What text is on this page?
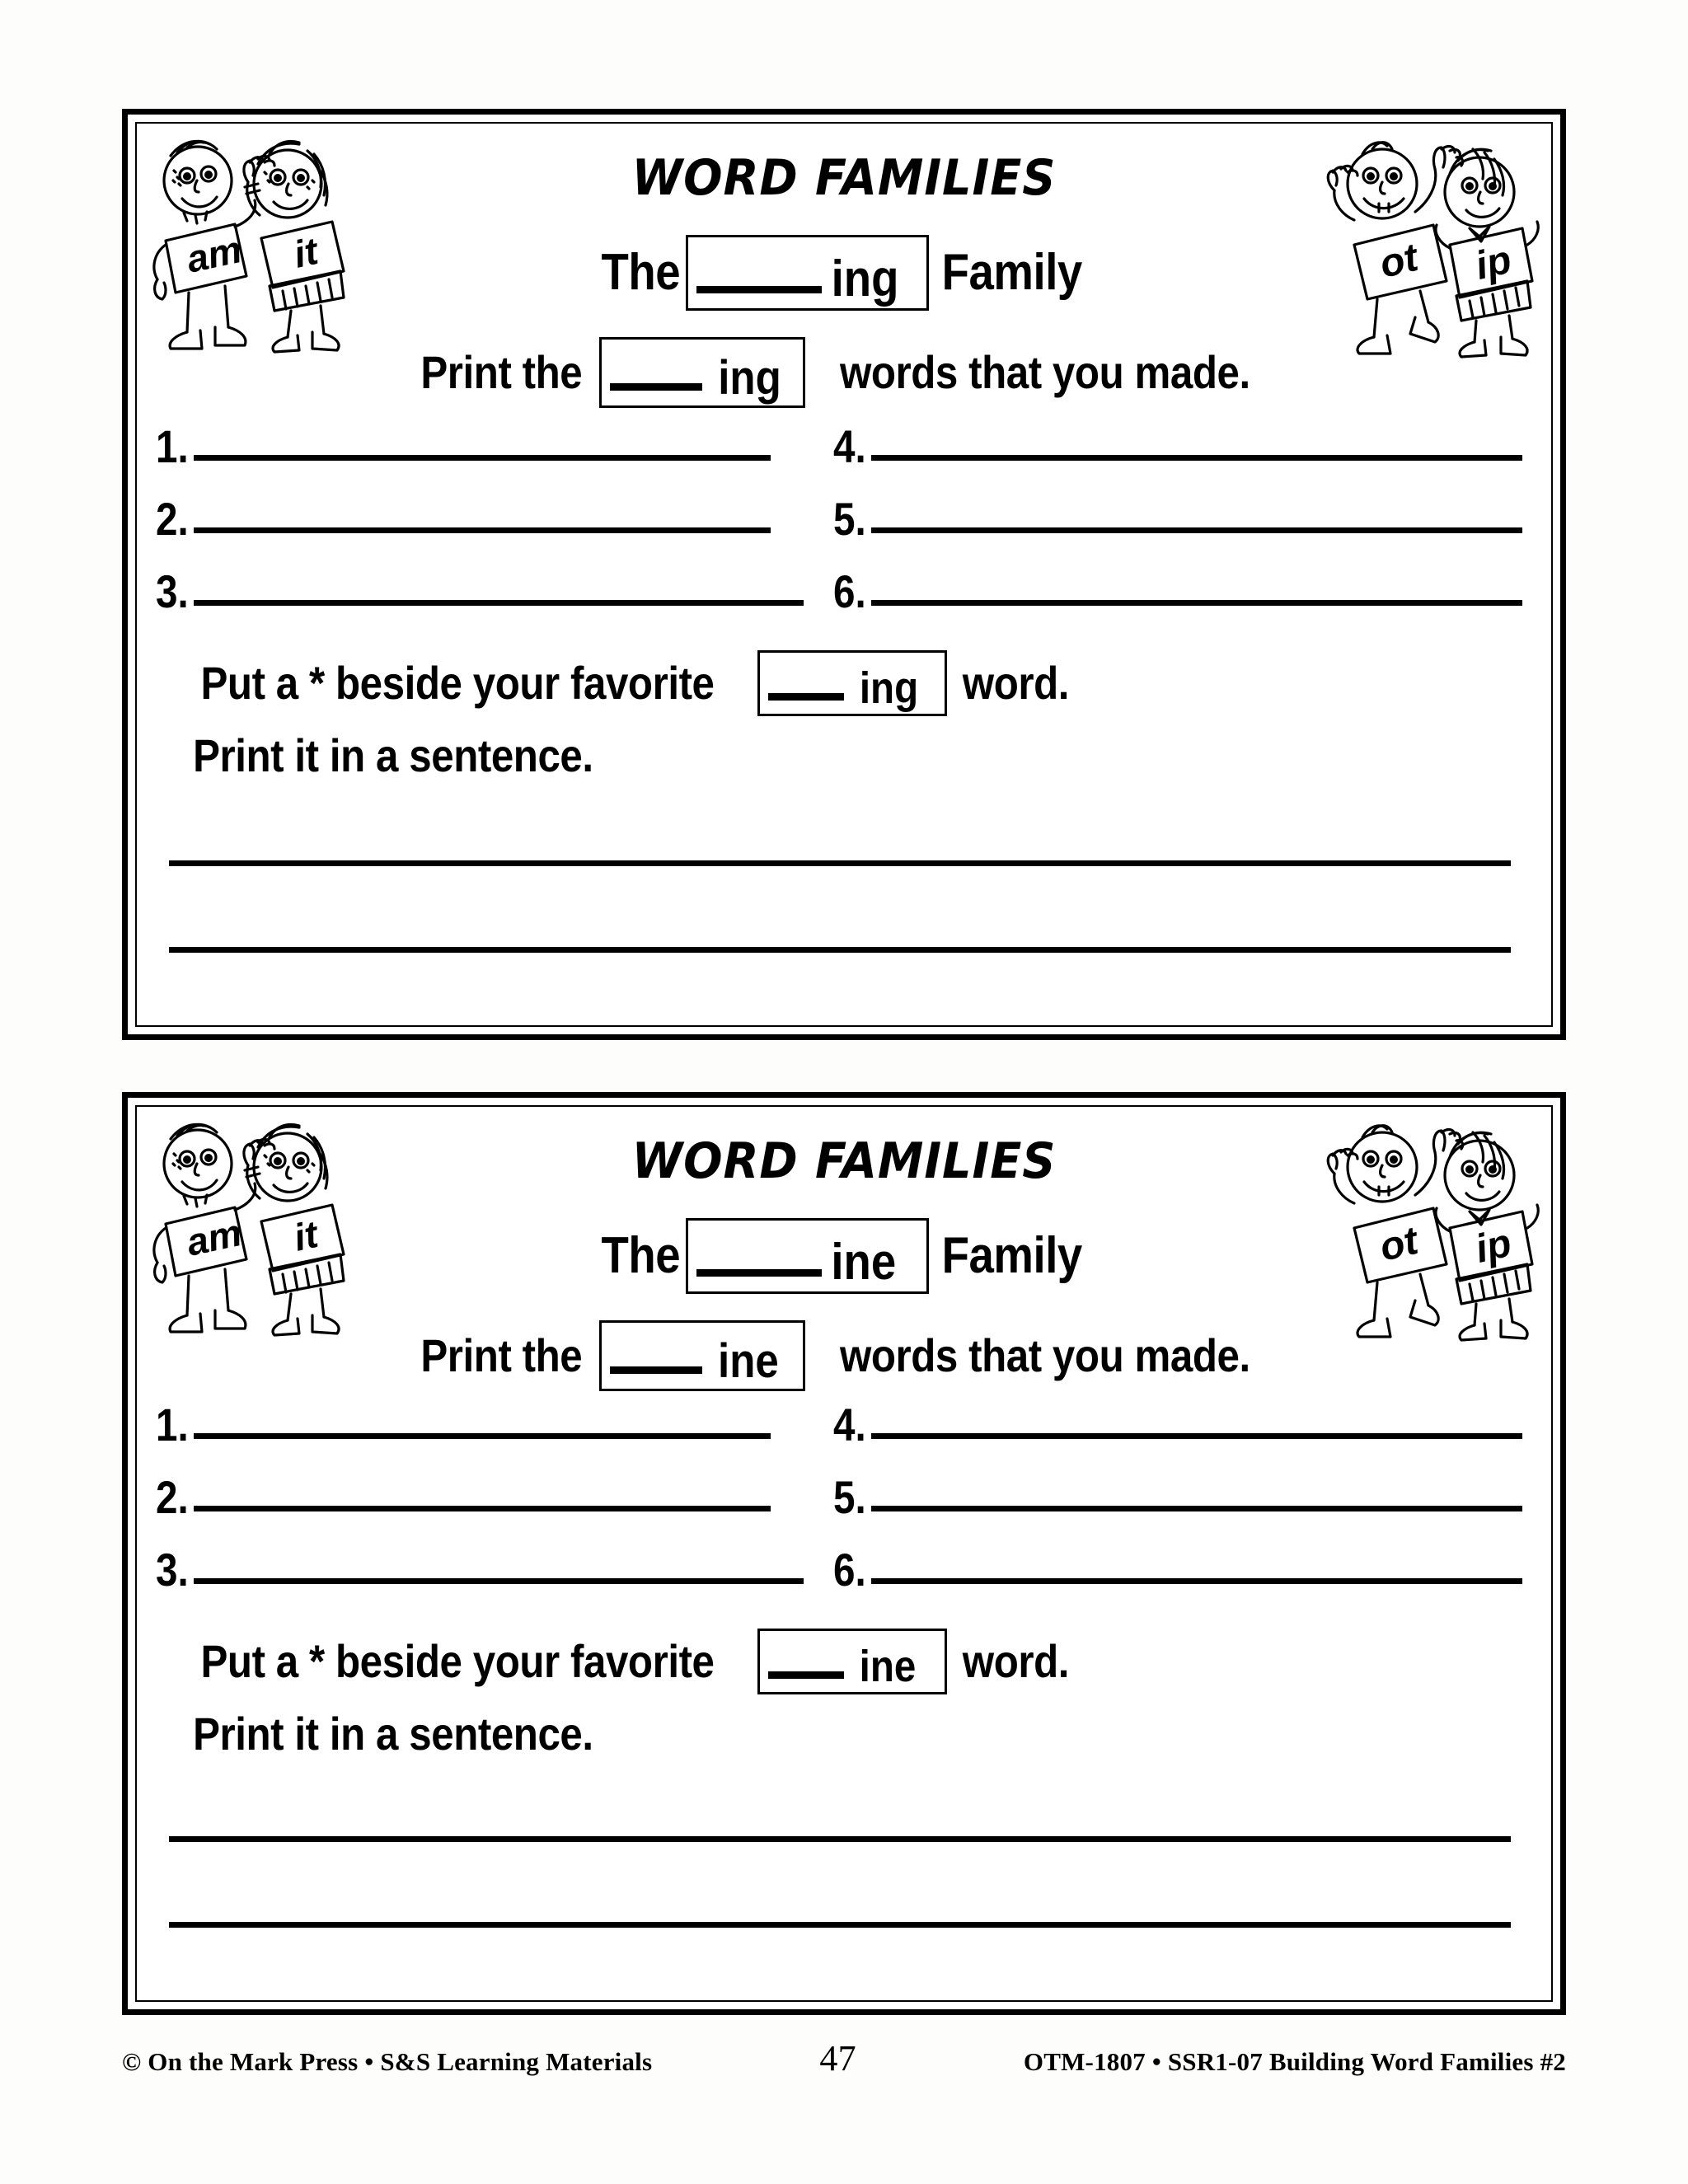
am it	ot ip
WORD FAMILIES
The	ing Family
Print the	ing words that you made.
1.
2.
3.
4.
5.
6.
Put a * beside your favorite	ing word.
Print it in a sentence.
am it	ot ip
WORD FAMILIES
The	ine Family
Print the	ine words that you made.
1.
2.
3.
4.
5.
6.
Put a * beside your favorite	ine word.
Print it in a sentence.
© On the Mark Press • S&S Learning Materials	47	OTM-1807 • SSR1-07 Building Word Families #2
